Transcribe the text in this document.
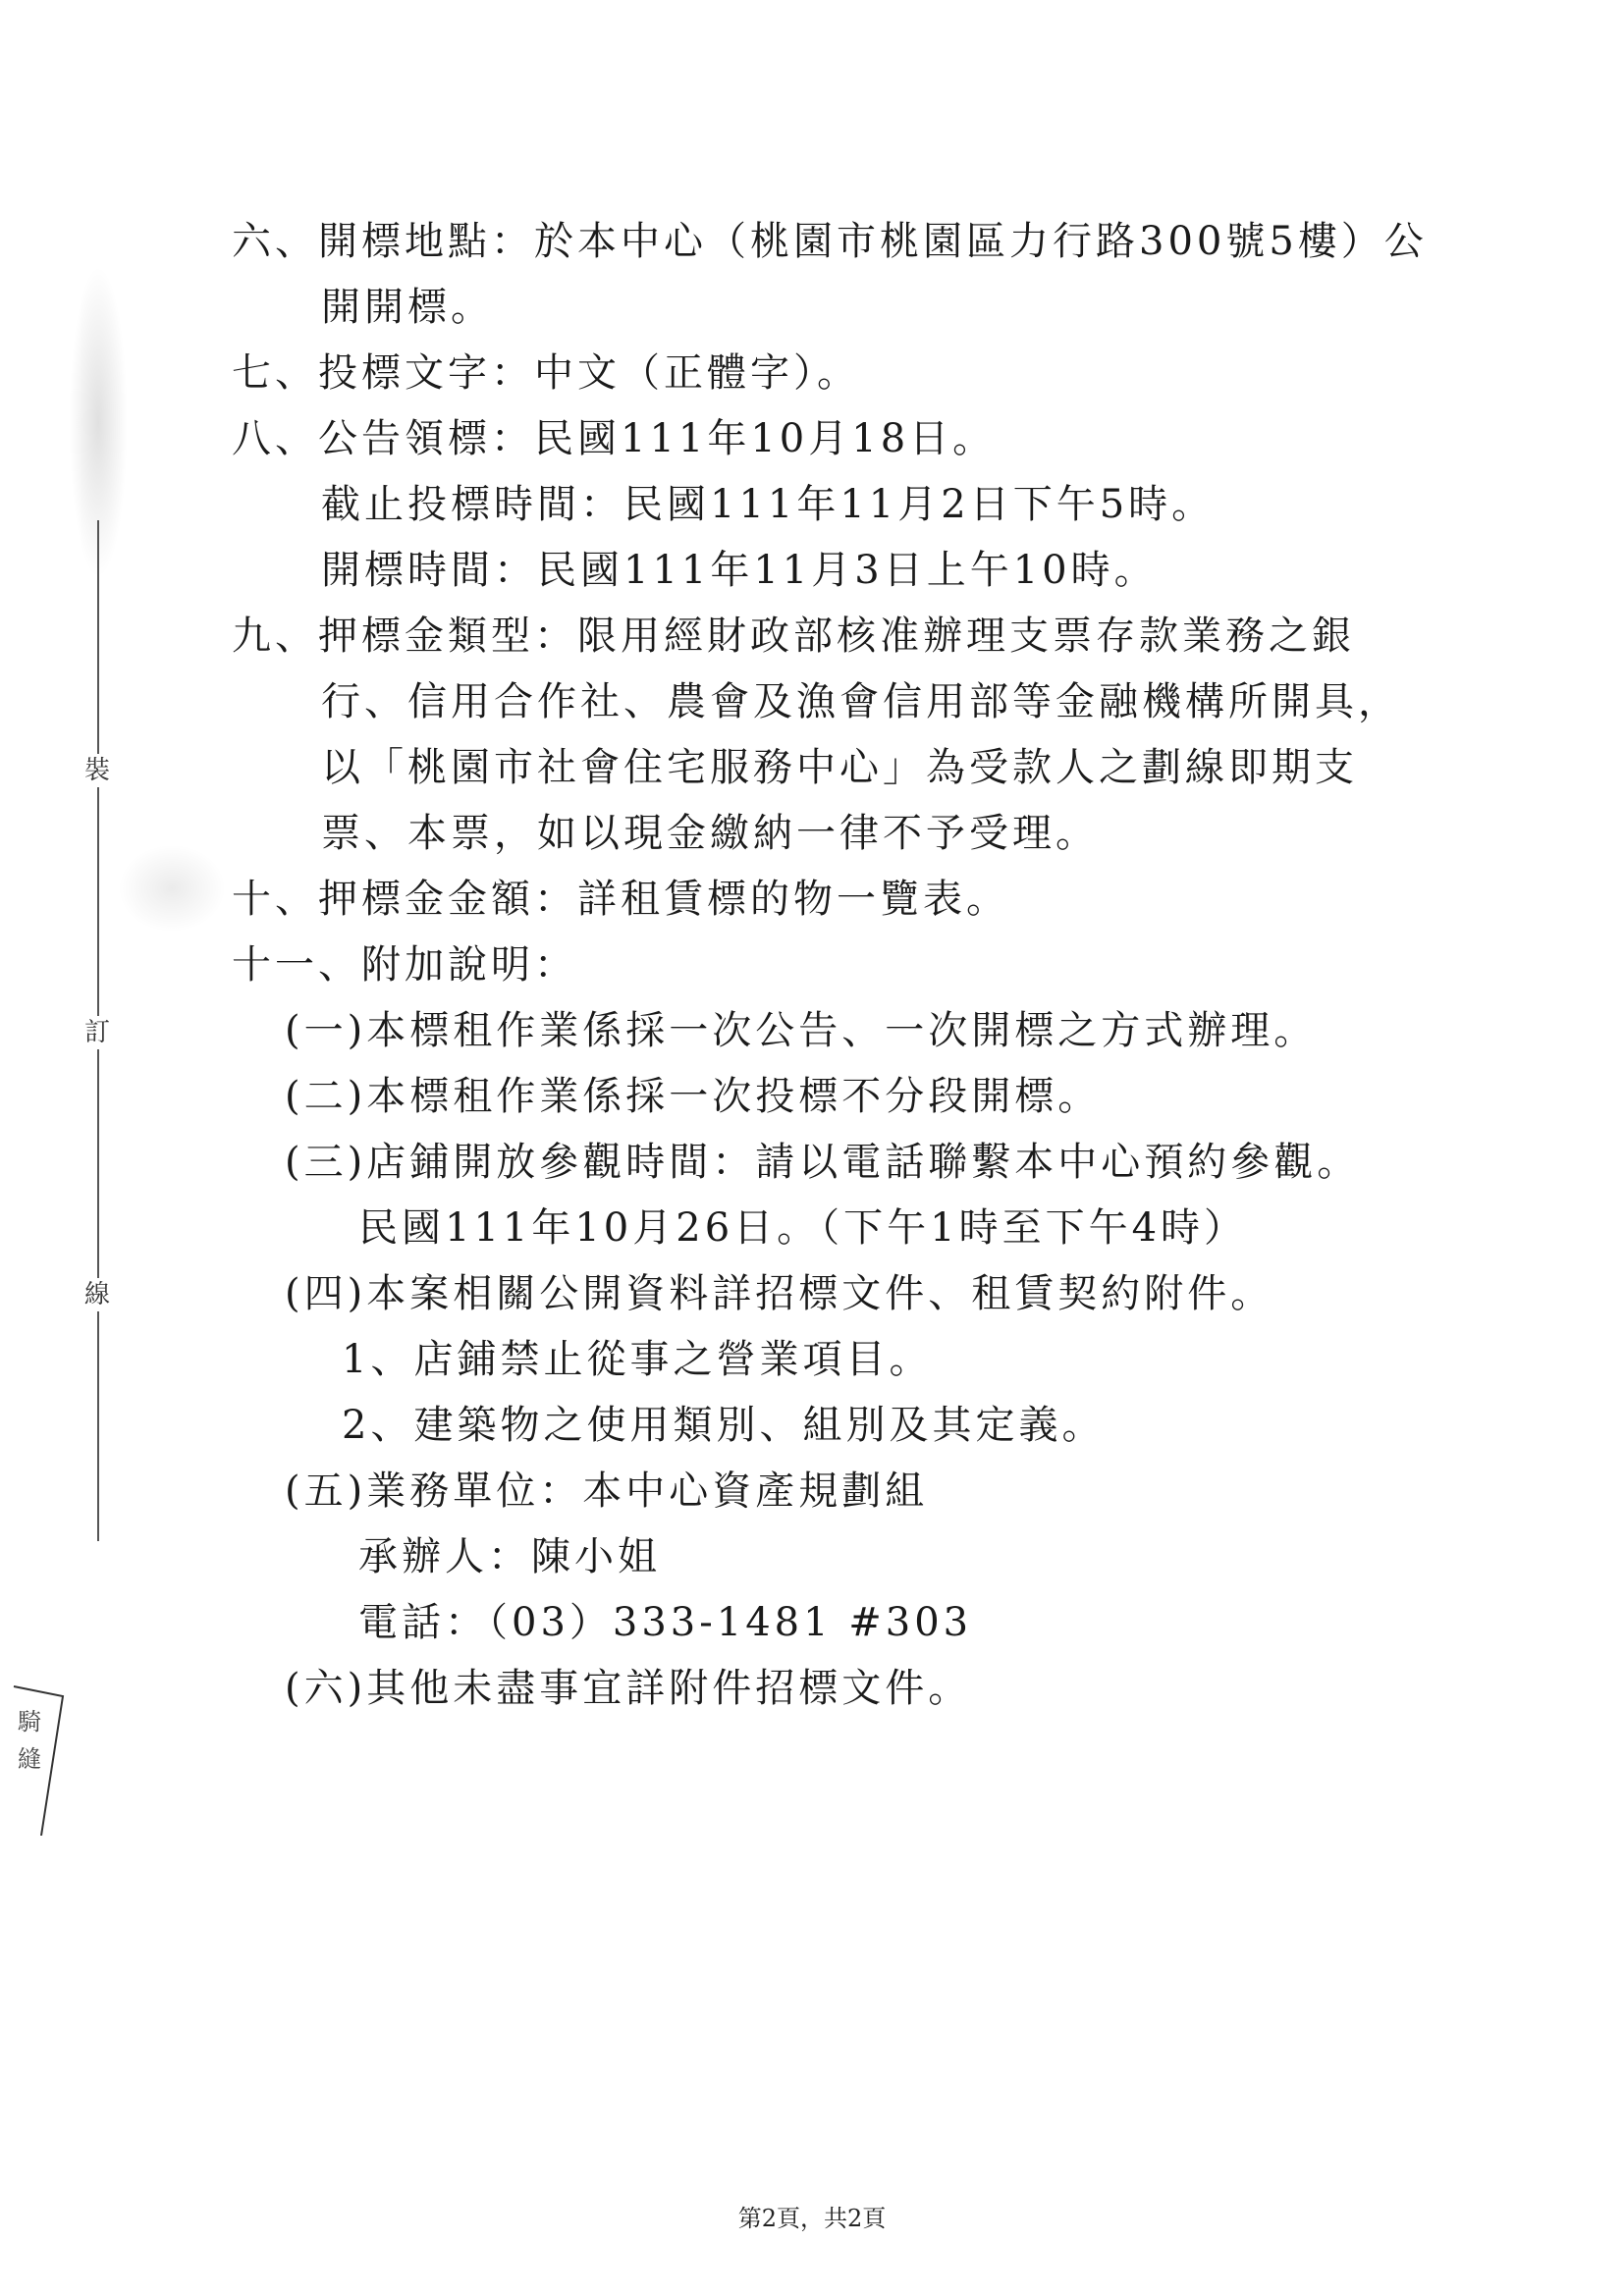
裝
訂
線
騎
縫
六、開標地點：於本中心（桃園市桃園區力行路300號5樓）公
開開標。
七、投標文字：中文（正體字）。
八、公告領標：民國111年10月18日。
截止投標時間：民國111年11月2日下午5時。
開標時間：民國111年11月3日上午10時。
九、押標金類型：限用經財政部核准辦理支票存款業務之銀
行、信用合作社、農會及漁會信用部等金融機構所開具，
以「桃園市社會住宅服務中心」為受款人之劃線即期支
票、本票，如以現金繳納一律不予受理。
十、押標金金額：詳租賃標的物一覽表。
十一、附加說明：
(一)本標租作業係採一次公告、一次開標之方式辦理。
(二)本標租作業係採一次投標不分段開標。
(三)店鋪開放參觀時間：請以電話聯繫本中心預約參觀。
民國111年10月26日。（下午1時至下午4時）
(四)本案相關公開資料詳招標文件、租賃契約附件。
1、店鋪禁止從事之營業項目。
2、建築物之使用類別、組別及其定義。
(五)業務單位：本中心資產規劃組
承辦人：陳小姐
電話：（03）333-1481 #303
(六)其他未盡事宜詳附件招標文件。
第2頁，共2頁
